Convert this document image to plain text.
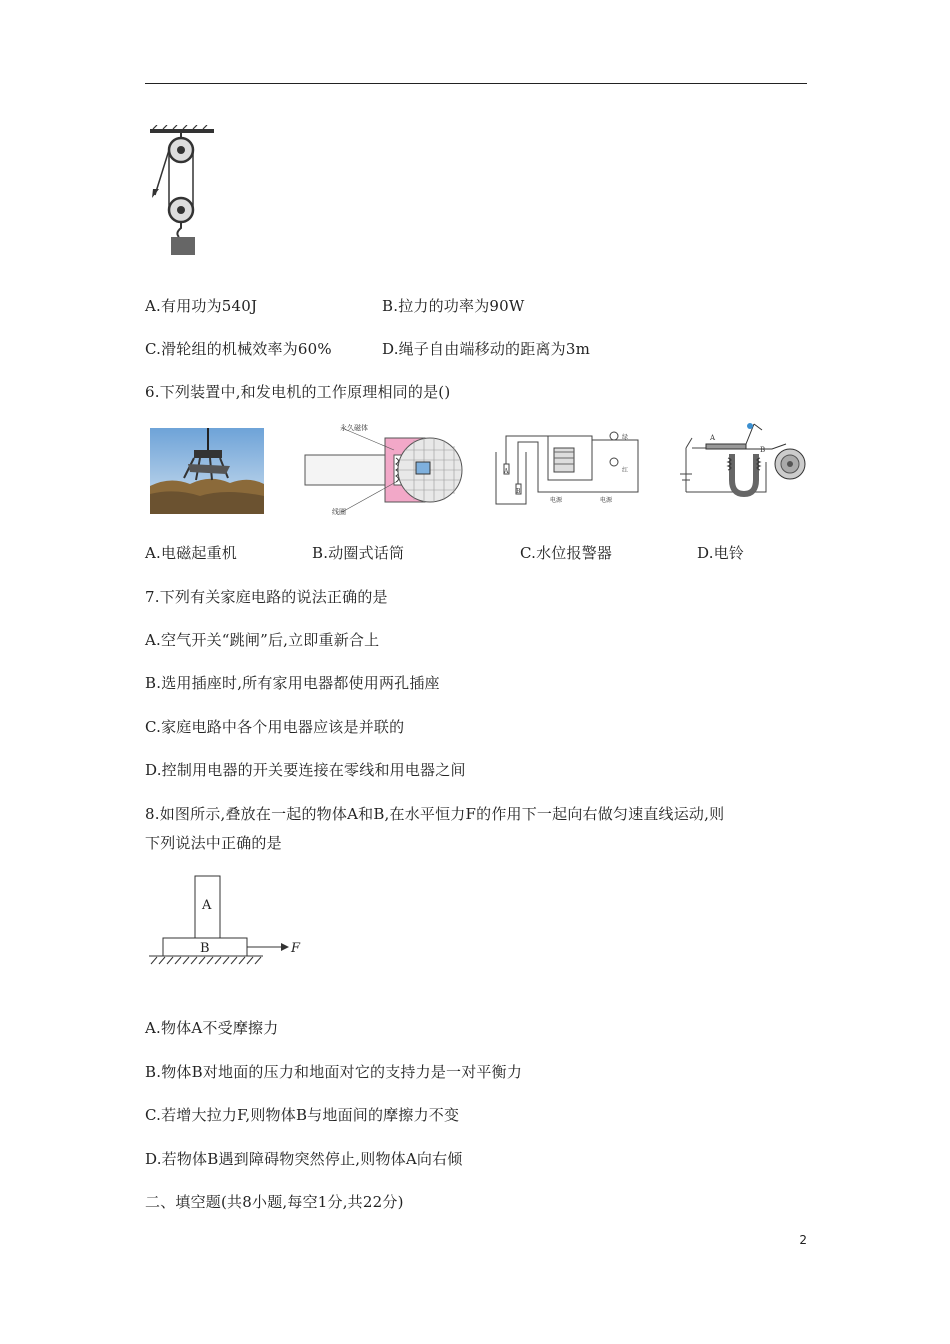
A.有用功为540J	B.拉力的功率为90W
C.滑轮组的机械效率为60%	D.绳子自由端移动的距离为3m
6.下列装置中,和发电机的工作原理相同的是()
永久磁体
线圈
A
B
绿
红
电源	电源
A
B
A.电磁起重机	B.动圈式话筒	C.水位报警器	D.电铃
7.下列有关家庭电路的说法正确的是
A.空气开关“跳闸”后,立即重新合上
B.选用插座时,所有家用电器都使用两孔插座
C.家庭电路中各个用电器应该是并联的
D.控制用电器的开关要连接在零线和用电器之间
8.如图所示,叠放在一起的物体A和B,在水平恒力F的作用下一起向右做匀速直线运动,则
下列说法中正确的是
A
B	F
A.物体A不受摩擦力
B.物体B对地面的压力和地面对它的支持力是一对平衡力
C.若增大拉力F,则物体B与地面间的摩擦力不变
D.若物体B遇到障碍物突然停止,则物体A向右倾
二、填空题(共8小题,每空1分,共22分)
2
